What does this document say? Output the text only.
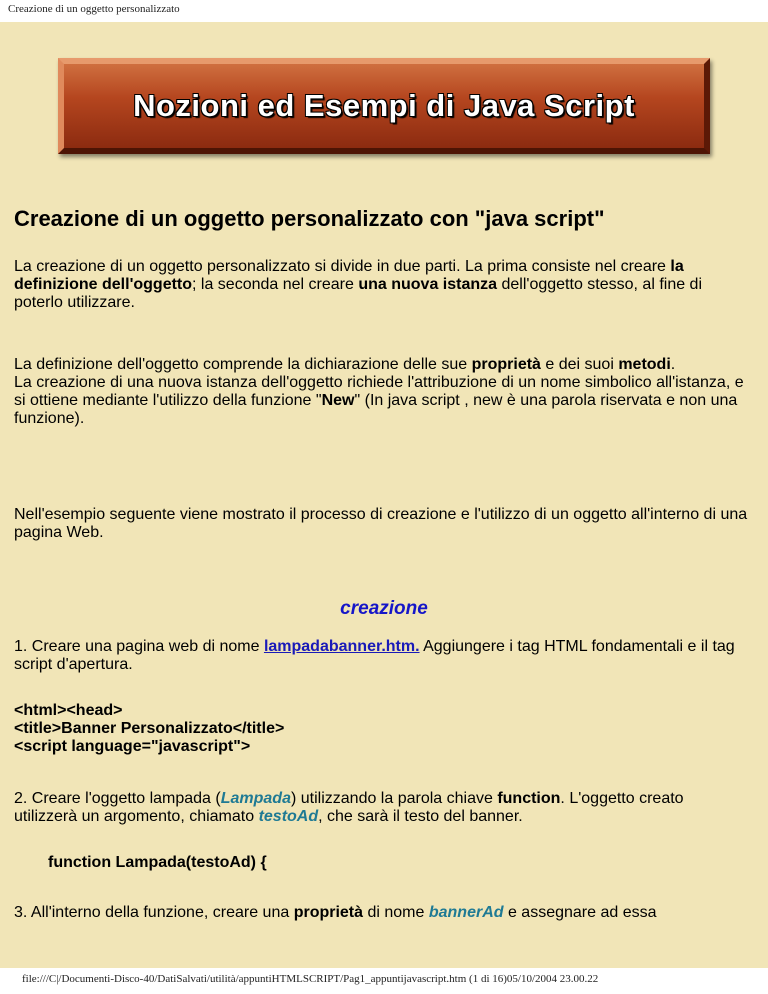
Creazione di un oggetto personalizzato
Nozioni ed Esempi di Java Script
Creazione di un oggetto personalizzato con "java script"
La creazione di un oggetto personalizzato si divide in due parti. La prima consiste nel creare la definizione dell'oggetto; la seconda nel creare una nuova istanza dell'oggetto stesso, al fine di poterlo utilizzare.
La definizione dell'oggetto comprende la dichiarazione delle sue proprietà e dei suoi metodi.
La creazione di una nuova istanza dell'oggetto richiede l'attribuzione di un nome simbolico all'istanza, e si ottiene mediante l'utilizzo della funzione "New" (In java script , new è una parola riservata e non una funzione).
Nell'esempio seguente viene mostrato il processo di creazione e l'utilizzo di un oggetto all'interno di una pagina Web.
creazione
1. Creare una pagina web di nome lampadabanner.htm. Aggiungere i tag HTML fondamentali e il tag script d'apertura.
<html><head>
<title>Banner Personalizzato</title>
<script language="javascript">
2. Creare l'oggetto lampada (Lampada) utilizzando la parola chiave function. L'oggetto creato utilizzerà un argomento, chiamato testoAd, che sarà il testo del banner.
function Lampada(testoAd) {
3. All'interno della funzione, creare una proprietà di nome bannerAd e assegnare ad essa
file:///C|/Documenti-Disco-40/DatiSalvati/utilità/appuntiHTMLSCRIPT/Pag1_appuntijavascript.htm (1 di 16)05/10/2004 23.00.22
